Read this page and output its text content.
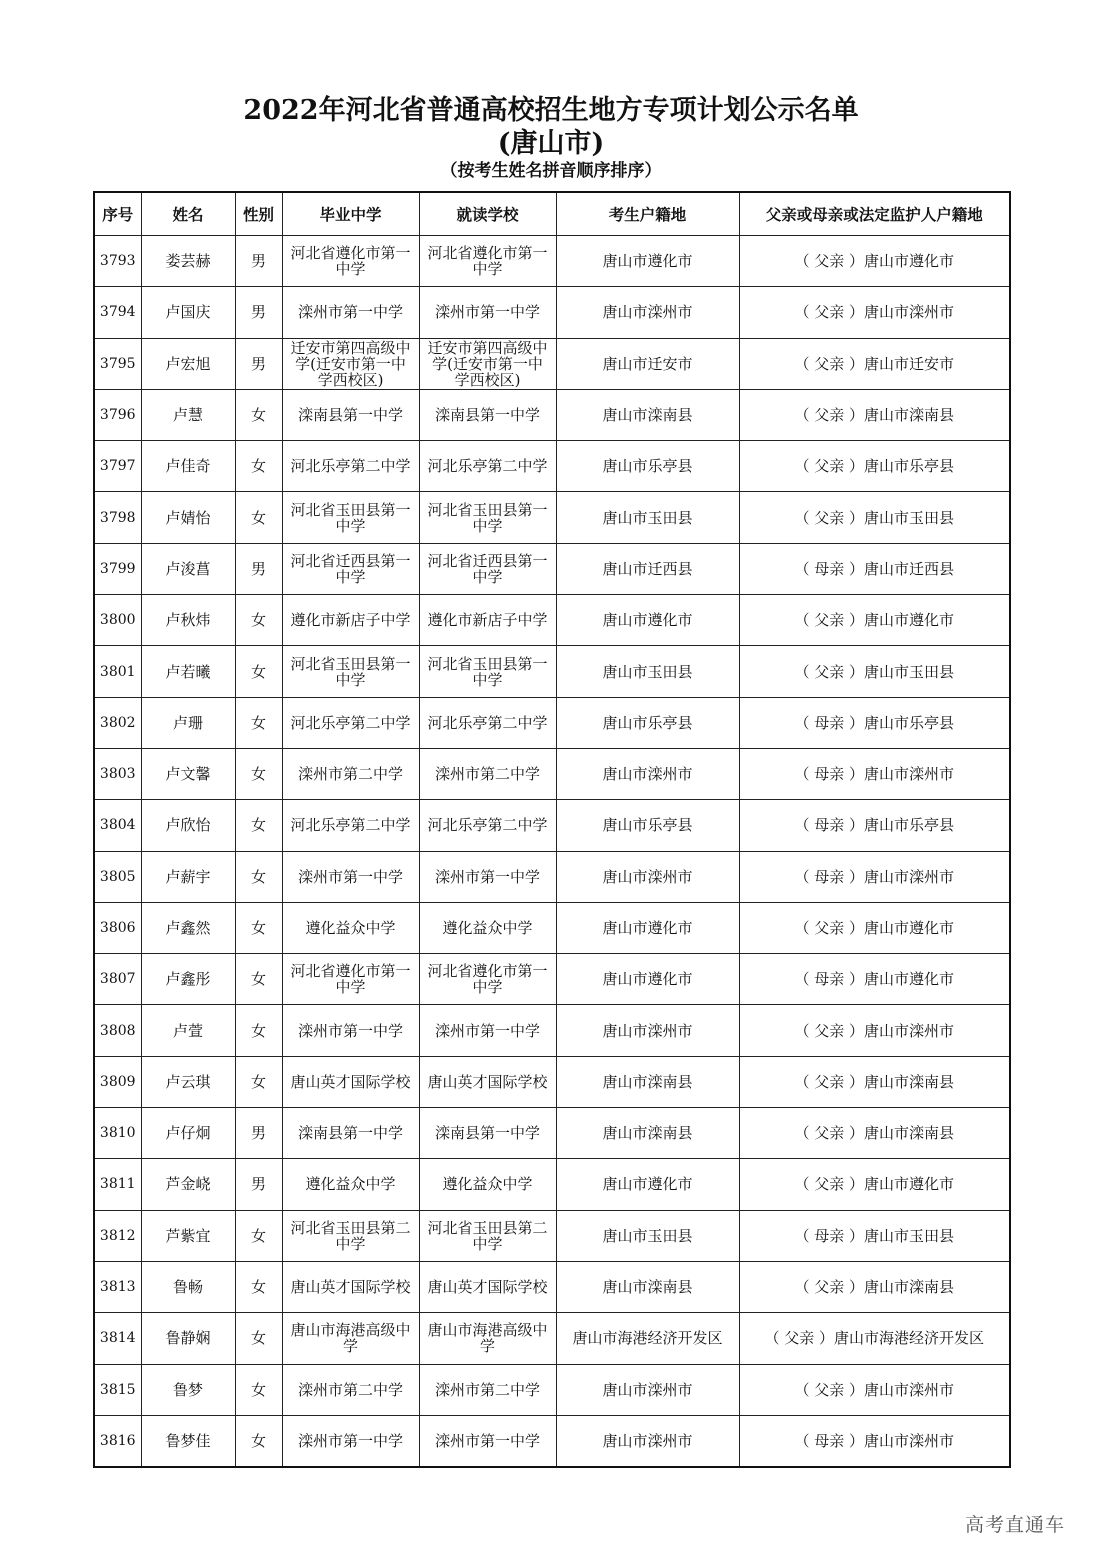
2022年河北省普通高校招生地方专项计划公示名单
(唐山市)
（按考生姓名拼音顺序排序）
序号	姓名	性别	毕业中学	就读学校	考生户籍地	父亲或母亲或法定监护人户籍地
3793	娄芸赫	男	河北省遵化市第一中学	河北省遵化市第一中学	唐山市遵化市	（ 父亲 ）唐山市遵化市
3794	卢国庆	男	滦州市第一中学	滦州市第一中学	唐山市滦州市	（ 父亲 ）唐山市滦州市
3795	卢宏旭	男	迁安市第四高级中学(迁安市第一中学西校区)	迁安市第四高级中学(迁安市第一中学西校区)	唐山市迁安市	（ 父亲 ）唐山市迁安市
3796	卢慧	女	滦南县第一中学	滦南县第一中学	唐山市滦南县	（ 父亲 ）唐山市滦南县
3797	卢佳奇	女	河北乐亭第二中学	河北乐亭第二中学	唐山市乐亭县	（ 父亲 ）唐山市乐亭县
3798	卢婧怡	女	河北省玉田县第一中学	河北省玉田县第一中学	唐山市玉田县	（ 父亲 ）唐山市玉田县
3799	卢浚菖	男	河北省迁西县第一中学	河北省迁西县第一中学	唐山市迁西县	（ 母亲 ）唐山市迁西县
3800	卢秋炜	女	遵化市新店子中学	遵化市新店子中学	唐山市遵化市	（ 父亲 ）唐山市遵化市
3801	卢若曦	女	河北省玉田县第一中学	河北省玉田县第一中学	唐山市玉田县	（ 父亲 ）唐山市玉田县
3802	卢珊	女	河北乐亭第二中学	河北乐亭第二中学	唐山市乐亭县	（ 母亲 ）唐山市乐亭县
3803	卢文馨	女	滦州市第二中学	滦州市第二中学	唐山市滦州市	（ 母亲 ）唐山市滦州市
3804	卢欣怡	女	河北乐亭第二中学	河北乐亭第二中学	唐山市乐亭县	（ 母亲 ）唐山市乐亭县
3805	卢薪宇	女	滦州市第一中学	滦州市第一中学	唐山市滦州市	（ 母亲 ）唐山市滦州市
3806	卢鑫然	女	遵化益众中学	遵化益众中学	唐山市遵化市	（ 父亲 ）唐山市遵化市
3807	卢鑫彤	女	河北省遵化市第一中学	河北省遵化市第一中学	唐山市遵化市	（ 母亲 ）唐山市遵化市
3808	卢萱	女	滦州市第一中学	滦州市第一中学	唐山市滦州市	（ 父亲 ）唐山市滦州市
3809	卢云琪	女	唐山英才国际学校	唐山英才国际学校	唐山市滦南县	（ 父亲 ）唐山市滦南县
3810	卢仔炯	男	滦南县第一中学	滦南县第一中学	唐山市滦南县	（ 父亲 ）唐山市滦南县
3811	芦金峣	男	遵化益众中学	遵化益众中学	唐山市遵化市	（ 父亲 ）唐山市遵化市
3812	芦紫宜	女	河北省玉田县第二中学	河北省玉田县第二中学	唐山市玉田县	（ 母亲 ）唐山市玉田县
3813	鲁畅	女	唐山英才国际学校	唐山英才国际学校	唐山市滦南县	（ 父亲 ）唐山市滦南县
3814	鲁静娴	女	唐山市海港高级中学	唐山市海港高级中学	唐山市海港经济开发区	（ 父亲 ）唐山市海港经济开发区
3815	鲁梦	女	滦州市第二中学	滦州市第二中学	唐山市滦州市	（ 父亲 ）唐山市滦州市
3816	鲁梦佳	女	滦州市第一中学	滦州市第一中学	唐山市滦州市	（ 母亲 ）唐山市滦州市
高考直通车
